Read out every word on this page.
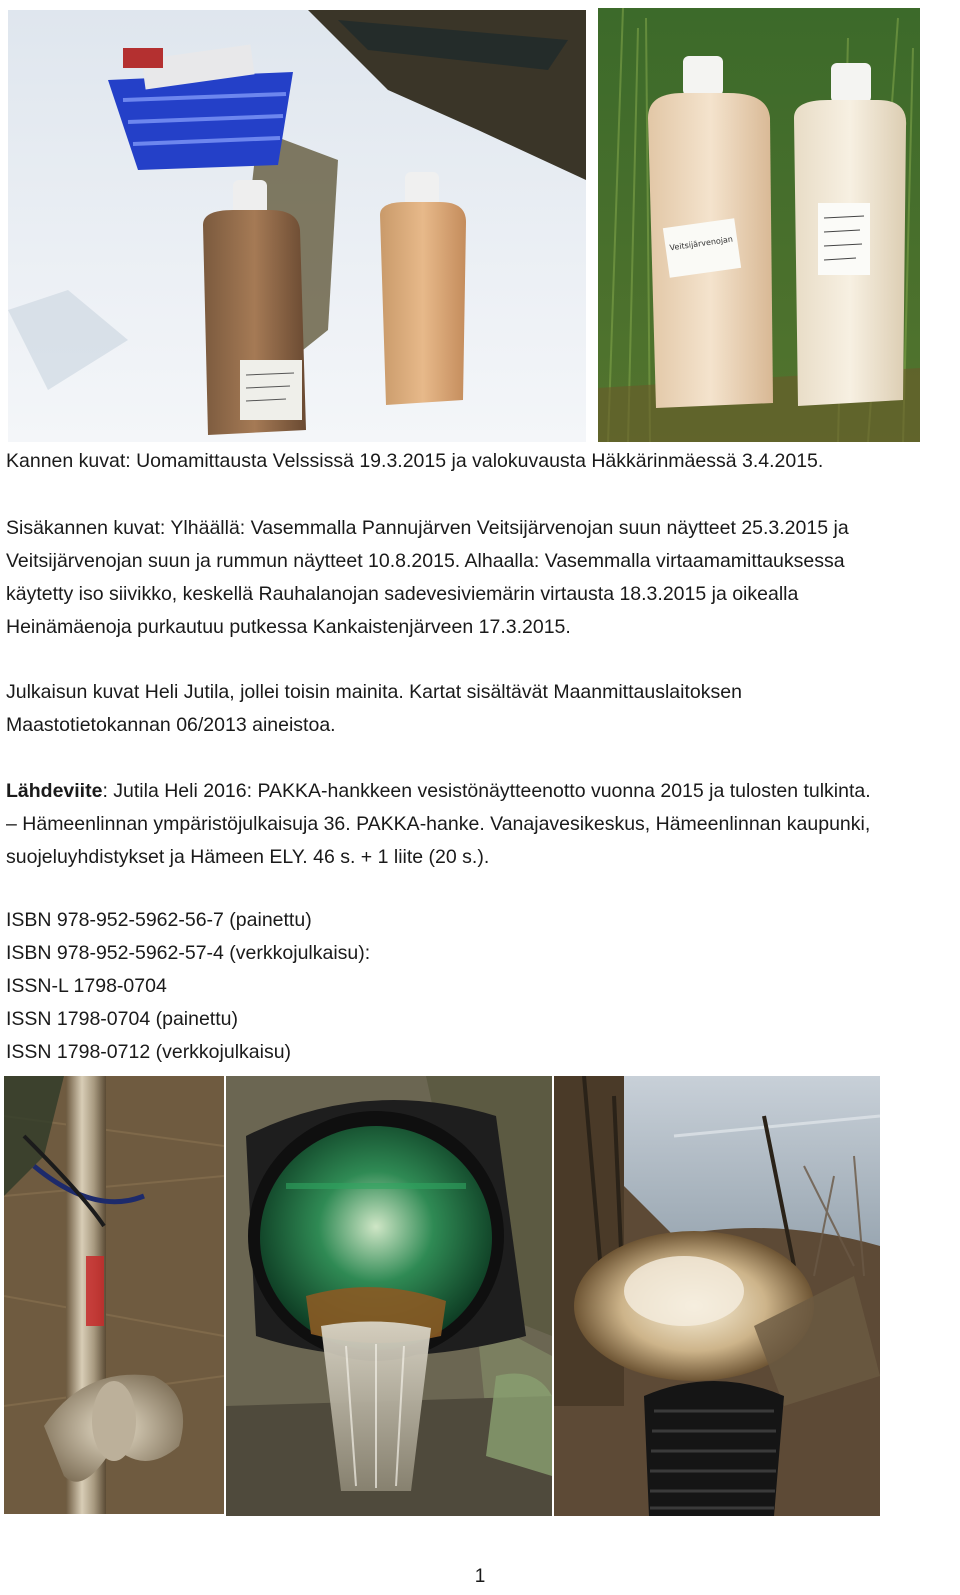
Veitsijärvenojan

Kannen kuvat: Uomamittausta Velssissä 19.3.2015 ja valokuvausta Häkkärinmäessä 3.4.2015.

Sisäkannen kuvat: Ylhäällä: Vasemmalla Pannujärven Veitsijärvenojan suun näytteet 25.3.2015 ja

Veitsijärvenojan suun ja rummun näytteet 10.8.2015. Alhaalla: Vasemmalla virtaamamittauksessa

käytetty iso siivikko, keskellä Rauhalanojan sadevesiviemärin virtausta 18.3.2015 ja oikealla

Heinämäenoja purkautuu putkessa Kankaistenjärveen 17.3.2015.

Julkaisun kuvat Heli Jutila, jollei toisin mainita. Kartat sisältävät Maanmittauslaitoksen

Maastotietokannan 06/2013 aineistoa.

Lähdeviite: Jutila Heli 2016: PAKKA-hankkeen vesistönäytteenotto vuonna 2015 ja tulosten tulkinta.

– Hämeenlinnan ympäristöjulkaisuja 36. PAKKA-hanke. Vanajavesikeskus, Hämeenlinnan kaupunki,

suojeluyhdistykset ja Hämeen ELY. 46 s. + 1 liite (20 s.).

ISBN 978-952-5962-56-7 (painettu)

ISBN 978-952-5962-57-4 (verkkojulkaisu):

ISSN-L 1798-0704

ISSN 1798-0704 (painettu)

ISSN 1798-0712 (verkkojulkaisu)

1
